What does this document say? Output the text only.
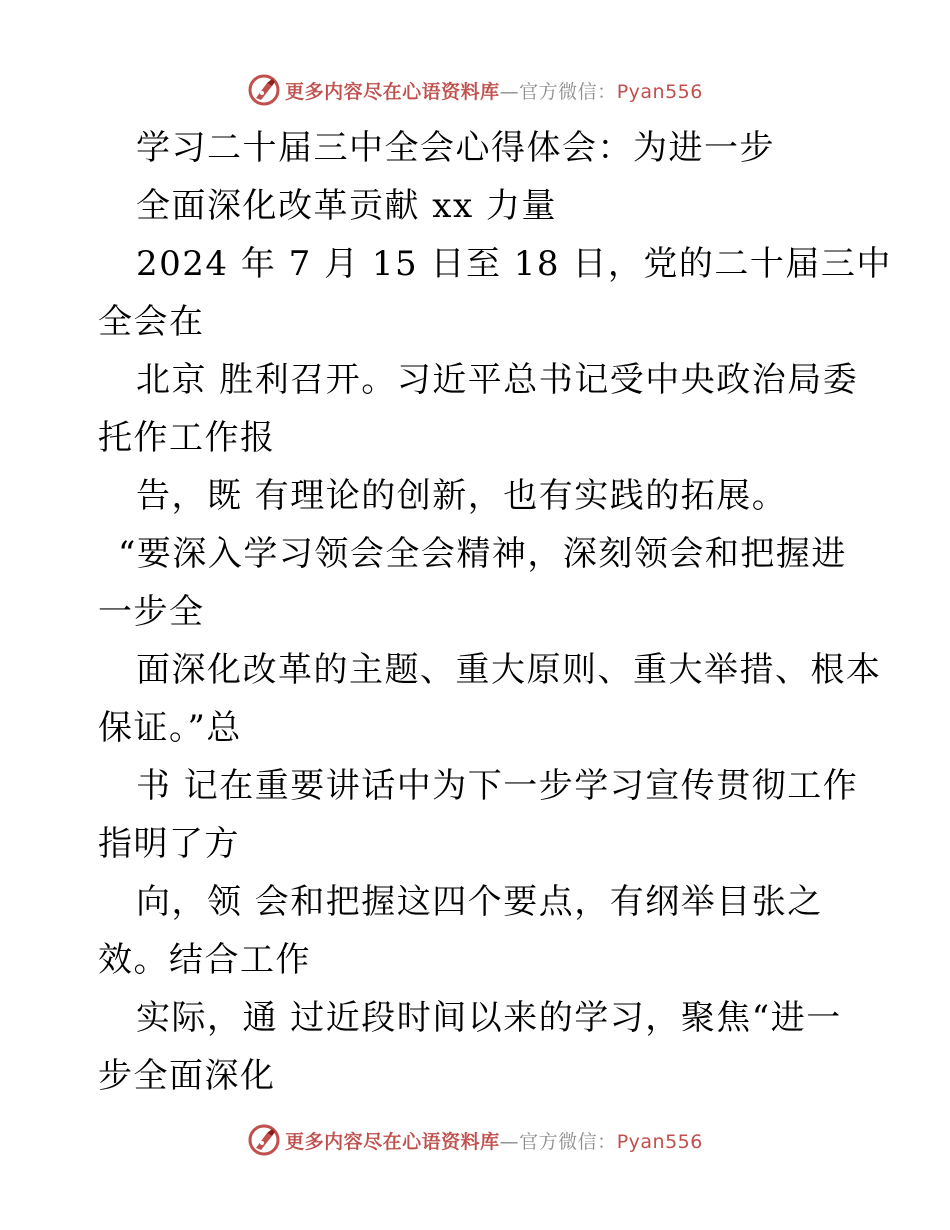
更多内容尽在心语资料库—官方微信：Pyan556
学习二十届三中全会心得体会：为进一步
全面深化改革贡献 xx 力量
2024 年 7 月 15 日至 18 日，党的二十届三中
全会在
北京 胜利召开。习近平总书记受中央政治局委
托作工作报
告，既 有理论的创新，也有实践的拓展。
“要深入学习领会全会精神，深刻领会和把握进
一步全
面深化改革的主题、重大原则、重大举措、根本
保证。”总
书 记在重要讲话中为下一步学习宣传贯彻工作
指明了方
向，领 会和把握这四个要点，有纲举目张之
效。结合工作
实际，通 过近段时间以来的学习，聚焦“进一
步全面深化
更多内容尽在心语资料库—官方微信：Pyan556
